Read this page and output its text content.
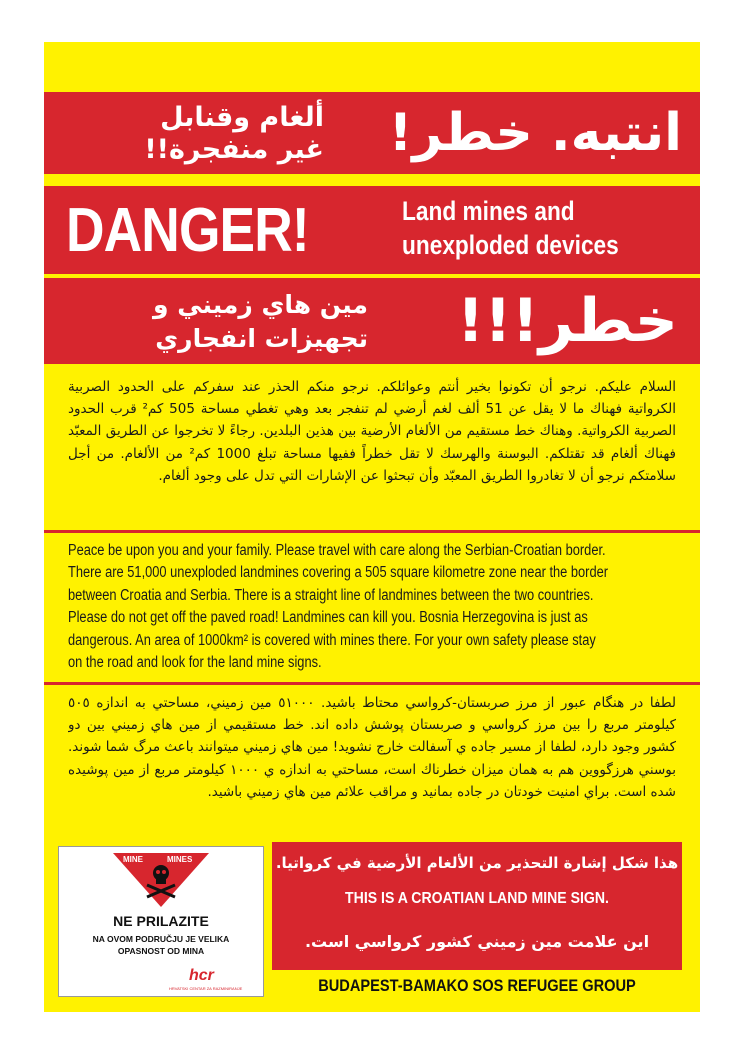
ألغام وقنابل
غير منفجرة!! انتبه. خطر!
DANGER!	Land mines and
unexploded devices
مين هاي زميني و
تجهيزات انفجاري خطر!!!
السلام عليكم. نرجو أن تكونوا بخير أنتم وعوائلكم. نرجو منكم الحذر عند سفركم على الحدود الصربية الكرواتية فهناك ما لا يقل عن 51 ألف لغم أرضي لم تنفجر بعد وهي تغطي مساحة 505 كم² قرب الحدود الصربية الكرواتية. وهناك خط مستقيم من الألغام الأرضية بين هذين البلدين. رجاءً لا تخرجوا عن الطريق المعبّد فهناك ألغام قد تقتلكم. البوسنة والهرسك لا تقل خطراً ففيها مساحة تبلغ 1000 كم² من الألغام. من أجل سلامتكم نرجو أن لا تغادروا الطريق المعبّد وأن تبحثوا عن الإشارات التي تدل على وجود ألغام.
Peace be upon you and your family. Please travel with care along the Serbian-Croatian border.
There are 51,000 unexploded landmines covering a 505 square kilometre zone near the border
between Croatia and Serbia. There is a straight line of landmines between the two countries.
Please do not get off the paved road! Landmines can kill you. Bosnia Herzegovina is just as
dangerous. An area of 1000km² is covered with mines there. For your own safety please stay
on the road and look for the land mine signs.
لطفا در هنگام عبور از مرز صربستان-كرواسي محتاط باشيد. ٥١٠٠٠ مين زميني، مساحتي به اندازه ٥٠٥ كيلومتر مربع را بين مرز كرواسي و صربستان پوشش داده اند. خط مستقيمي از مين هاي زميني بين دو كشور وجود دارد، لطفا از مسير جاده ي آسفالت خارج نشويد! مين هاي زميني ميتوانند باعث مرگ شما شوند. بوسني هرزگووين هم به همان ميزان خطرناك است، مساحتي به اندازه ي ١٠٠٠ كيلومتر مربع از مين پوشيده شده است. براي امنيت خودتان در جاده بمانيد و مراقب علائم مين هاي زميني باشيد.
MINE	MINES
NE PRILAZITE
NA OVOM PODRUČJU JE VELIKA
OPASNOST OD MINA
hcr
HRVATSKI CENTAR ZA RAZMINIRANJE
هذا شكل إشارة التحذير من الألغام الأرضية في كرواتيا.
THIS IS A CROATIAN LAND MINE SIGN.
اين علامت مين زميني كشور كرواسي است.
BUDAPEST-BAMAKO SOS REFUGEE GROUP
